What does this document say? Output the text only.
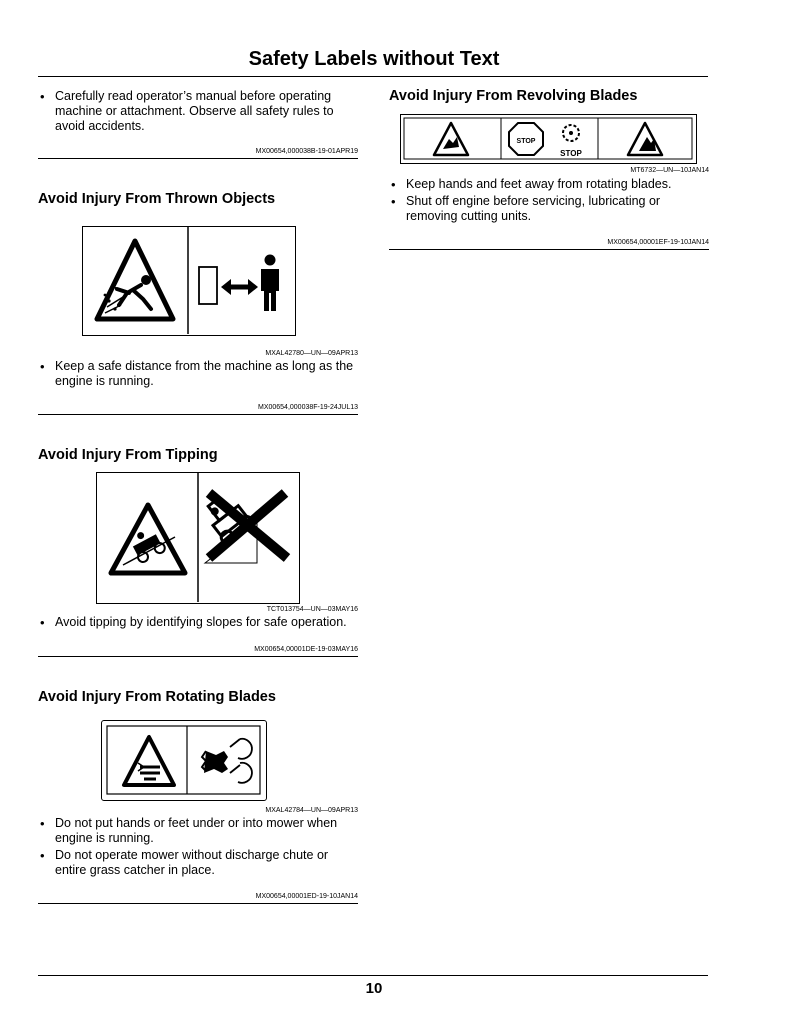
Safety Labels without Text
• Carefully read operator’s manual before operating machine or attachment. Observe all safety rules to avoid accidents.
MX00654,000038B-19-01APR19
Avoid Injury From Thrown Objects
MXAL42780—UN—09APR13
• Keep a safe distance from the machine as long as the engine is running.
MX00654,000038F-19-24JUL13
Avoid Injury From Tipping
TCT013754—UN—03MAY16
• Avoid tipping by identifying slopes for safe operation.
MX00654,00001DE-19-03MAY16
Avoid Injury From Rotating Blades
MXAL42784—UN—09APR13
• Do not put hands or feet under or into mower when engine is running.
• Do not operate mower without discharge chute or entire grass catcher in place.
MX00654,00001ED-19-10JAN14
Avoid Injury From Revolving Blades
STOP
STOP
MT6732—UN—10JAN14
• Keep hands and feet away from rotating blades.
• Shut off engine before servicing, lubricating or removing cutting units.
MX00654,00001EF-19-10JAN14
10
